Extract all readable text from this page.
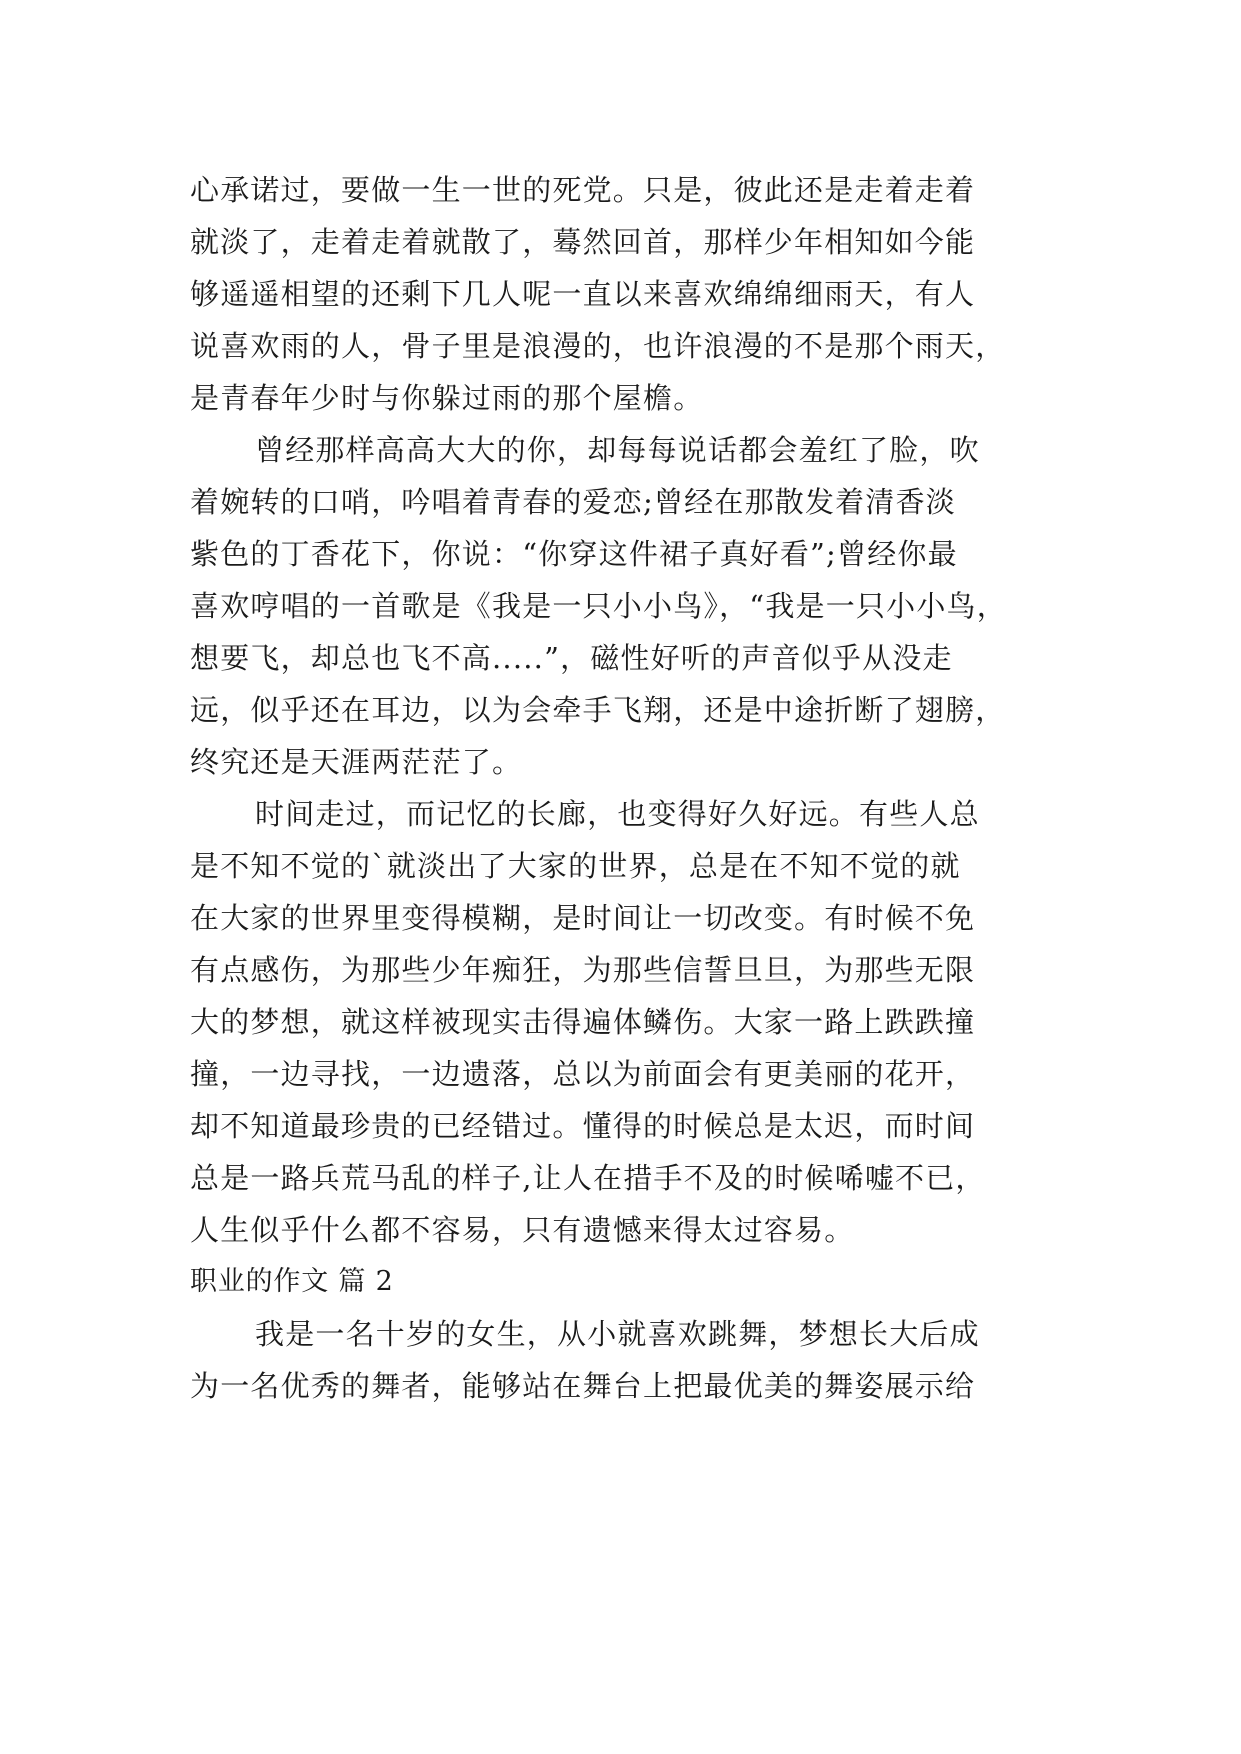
心承诺过，要做一生一世的死党。只是，彼此还是走着走着
就淡了，走着走着就散了，蓦然回首，那样少年相知如今能
够遥遥相望的还剩下几人呢一直以来喜欢绵绵细雨天，有人
说喜欢雨的人，骨子里是浪漫的，也许浪漫的不是那个雨天，
是青春年少时与你躲过雨的那个屋檐。
曾经那样高高大大的你，却每每说话都会羞红了脸，吹
着婉转的口哨，吟唱着青春的爱恋;曾经在那散发着清香淡
紫色的丁香花下，你说：“你穿这件裙子真好看”;曾经你最
喜欢哼唱的一首歌是《我是一只小小鸟》，“我是一只小小鸟，
想要飞，却总也飞不高.....”，磁性好听的声音似乎从没走
远，似乎还在耳边，以为会牵手飞翔，还是中途折断了翅膀，
终究还是天涯两茫茫了。
时间走过，而记忆的长廊，也变得好久好远。有些人总
是不知不觉的`就淡出了大家的世界，总是在不知不觉的就
在大家的世界里变得模糊，是时间让一切改变。有时候不免
有点感伤，为那些少年痴狂，为那些信誓旦旦，为那些无限
大的梦想，就这样被现实击得遍体鳞伤。大家一路上跌跌撞
撞，一边寻找，一边遗落，总以为前面会有更美丽的花开，
却不知道最珍贵的已经错过。懂得的时候总是太迟，而时间
总是一路兵荒马乱的样子,让人在措手不及的时候唏嘘不已，
人生似乎什么都不容易，只有遗憾来得太过容易。
职业的作文 篇 2
我是一名十岁的女生，从小就喜欢跳舞，梦想长大后成
为一名优秀的舞者，能够站在舞台上把最优美的舞姿展示给
